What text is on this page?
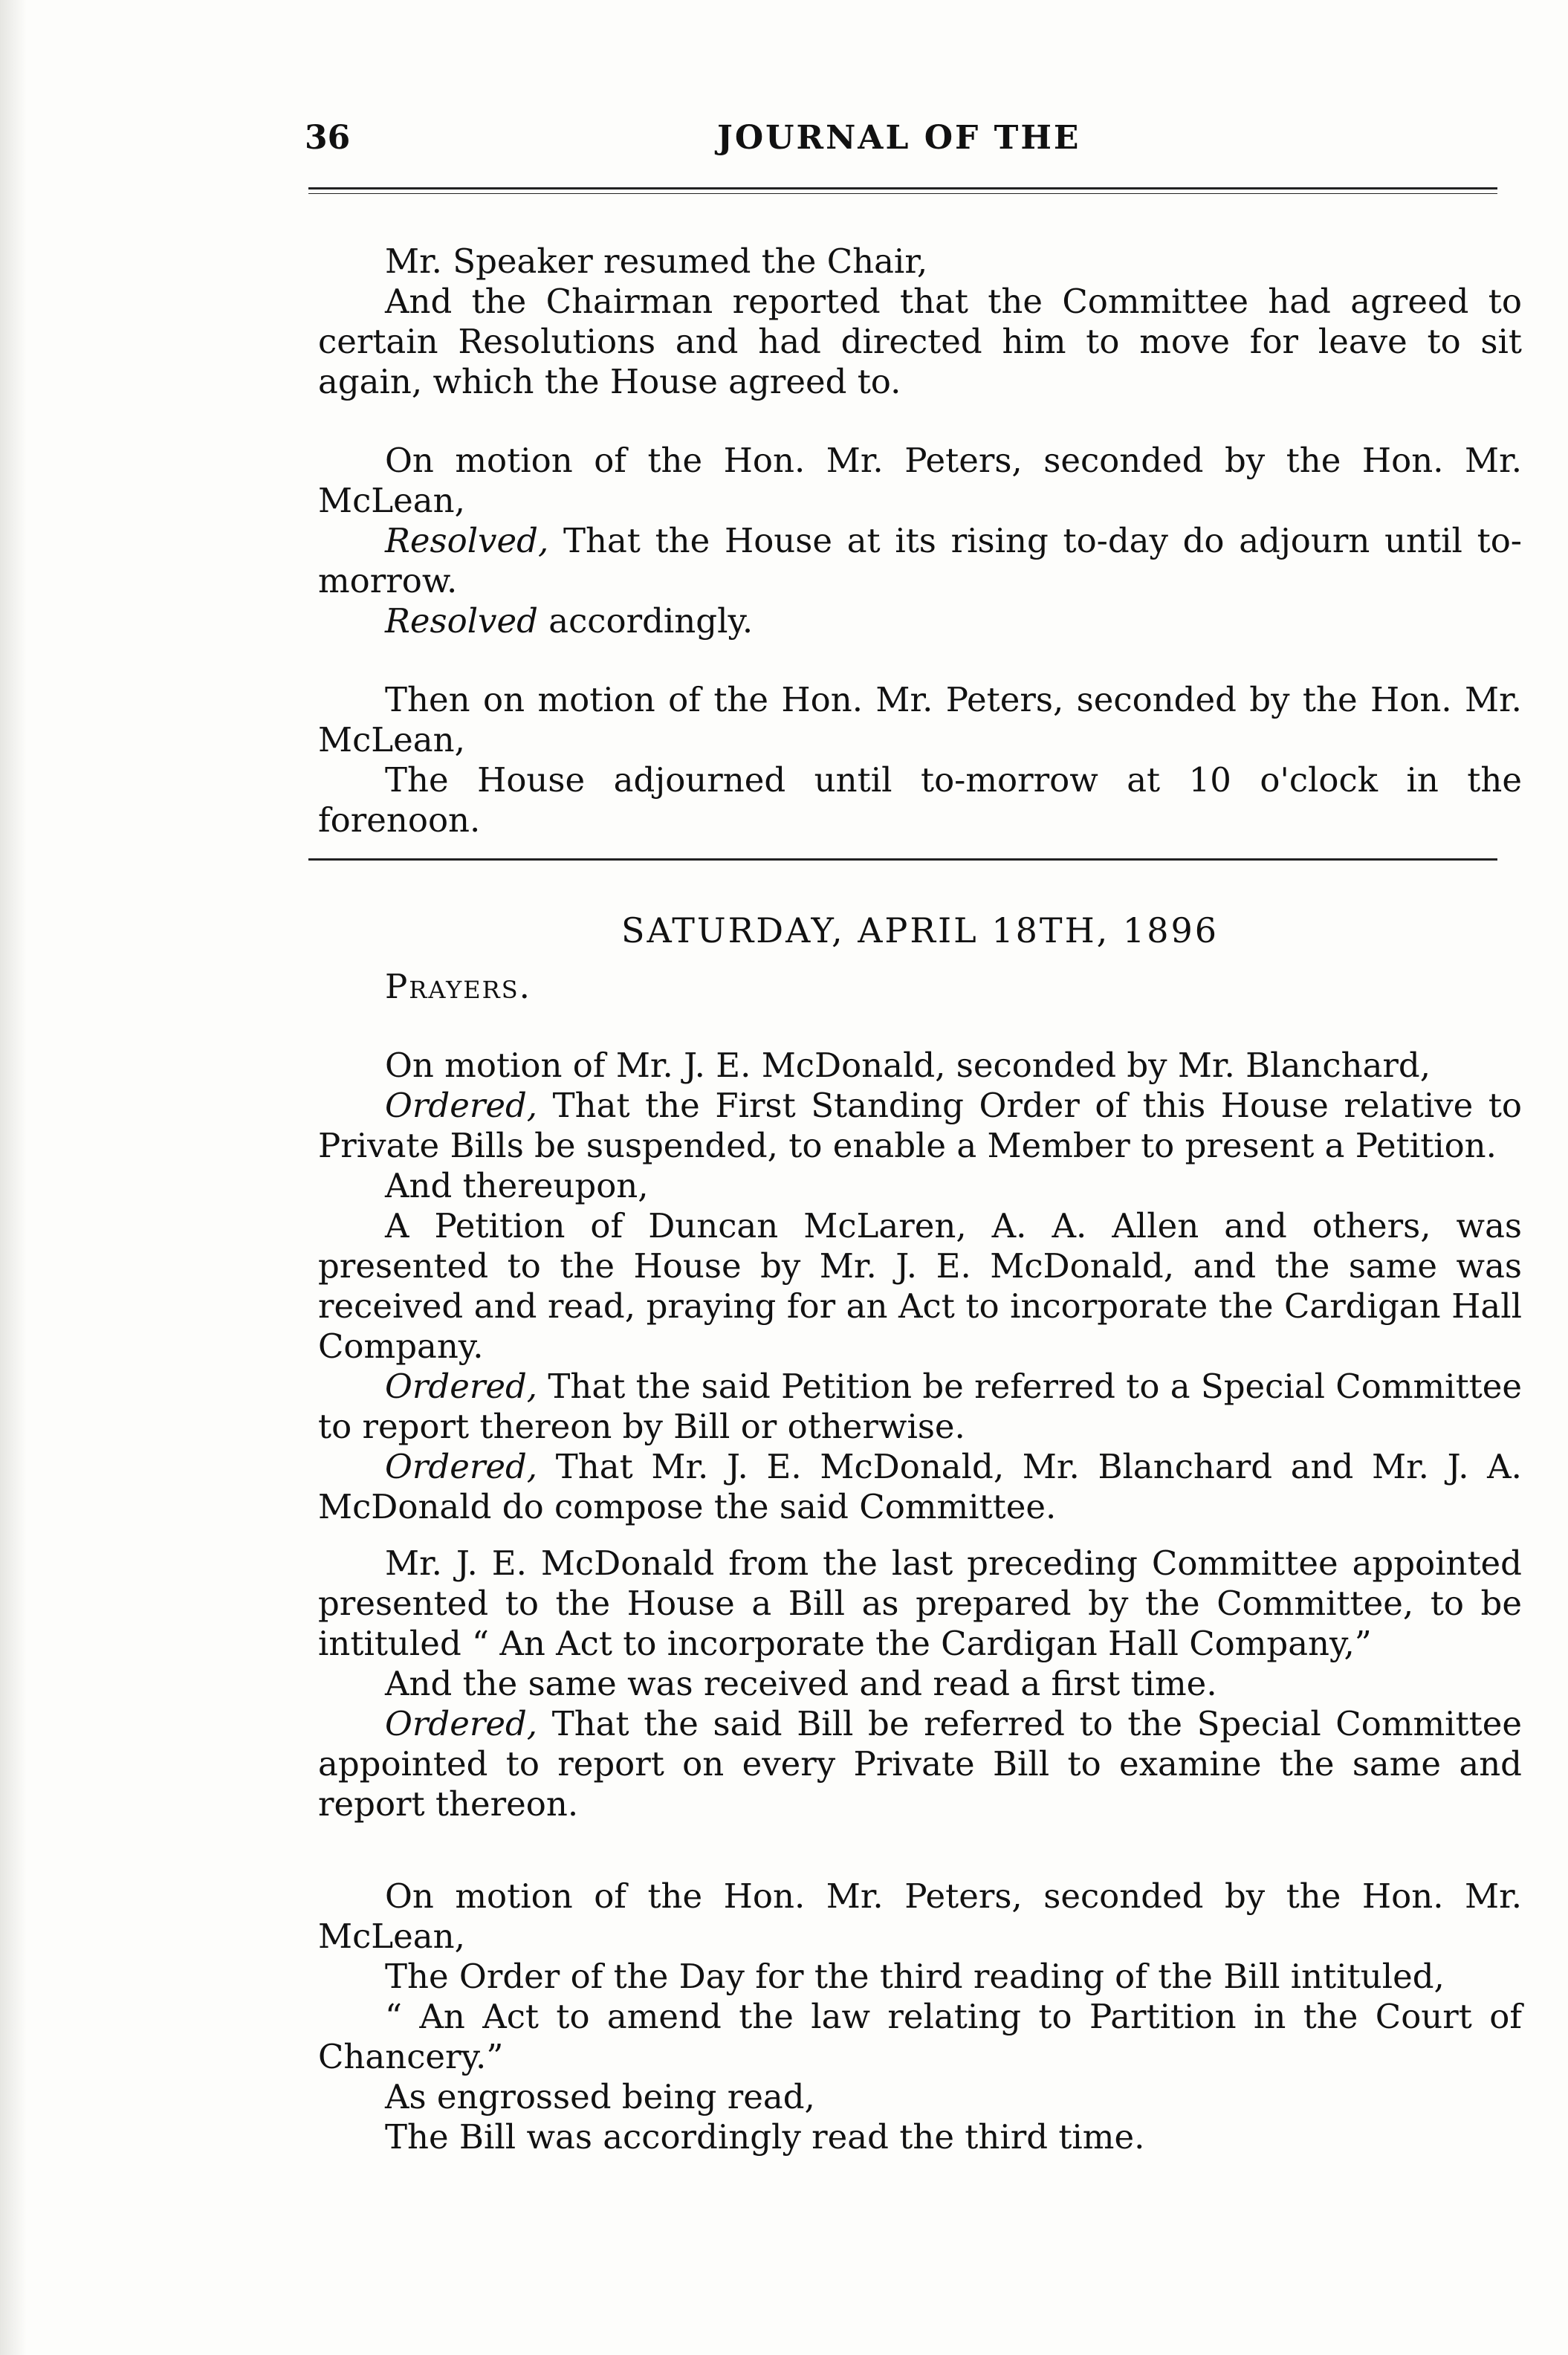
36	JOURNAL OF THE

Mr. Speaker resumed the Chair,

And the Chairman reported that the Committee had agreed to certain Resolutions and had directed him to move for leave to sit again, which the House agreed to.

On motion of the Hon. Mr. Peters, seconded by the Hon. Mr. McLean,

Resolved, That the House at its rising to-day do adjourn until to-morrow.

Resolved accordingly.

Then on motion of the Hon. Mr. Peters, seconded by the Hon. Mr. McLean,

The House adjourned until to-morrow at 10 o'clock in the forenoon.

SATURDAY, APRIL 18TH, 1896

Prayers.

On motion of Mr. J. E. McDonald, seconded by Mr. Blanchard,

Ordered, That the First Standing Order of this House relative to Private Bills be suspended, to enable a Member to present a Petition.

And thereupon,

A Petition of Duncan McLaren, A. A. Allen and others, was presented to the House by Mr. J. E. McDonald, and the same was received and read, praying for an Act to incorporate the Cardigan Hall Company.

Ordered, That the said Petition be referred to a Special Committee to report thereon by Bill or otherwise.

Ordered, That Mr. J. E. McDonald, Mr. Blanchard and Mr. J. A. McDonald do compose the said Committee.

Mr. J. E. McDonald from the last preceding Committee appointed presented to the House a Bill as prepared by the Committee, to be intituled “ An Act to incorporate the Cardigan Hall Company,”

And the same was received and read a first time.

Ordered, That the said Bill be referred to the Special Committee appointed to report on every Private Bill to examine the same and report thereon.

On motion of the Hon. Mr. Peters, seconded by the Hon. Mr. McLean,

The Order of the Day for the third reading of the Bill intituled,

“ An Act to amend the law relating to Partition in the Court of Chancery.”

As engrossed being read,

The Bill was accordingly read the third time.
